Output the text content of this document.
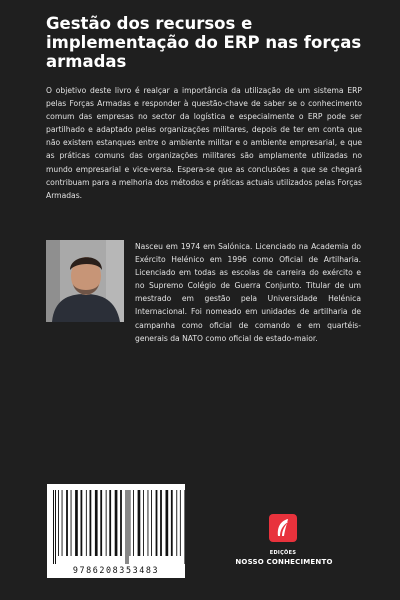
Gestão dos recursos e implementação do ERP nas forças armadas

O objetivo deste livro é realçar a importância da utilização de um sistema ERP pelas Forças Armadas e responder à questão-chave de saber se o conhecimento comum das empresas no sector da logística e especialmente o ERP pode ser partilhado e adaptado pelas organizações militares, depois de ter em conta que não existem estanques entre o ambiente militar e o ambiente empresarial, e que as práticas comuns das organizações militares são amplamente utilizadas no mundo empresarial e vice-versa. Espera-se que as conclusões a que se chegará contribuam para a melhoria dos métodos e práticas actuais utilizados pelas Forças Armadas.

Nasceu em 1974 em Salónica. Licenciado na Academia do Exército Helénico em 1996 como Oficial de Artilharia. Licenciado em todas as escolas de carreira do exército e no Supremo Colégio de Guerra Conjunto. Titular de um mestrado em gestão pela Universidade Helénica Internacional. Foi nomeado em unidades de artilharia de campanha como oficial de comando e em quartéis-generais da NATO como oficial de estado-maior.

9786208353483
EDIÇÕES
NOSSO CONHECIMENTO
